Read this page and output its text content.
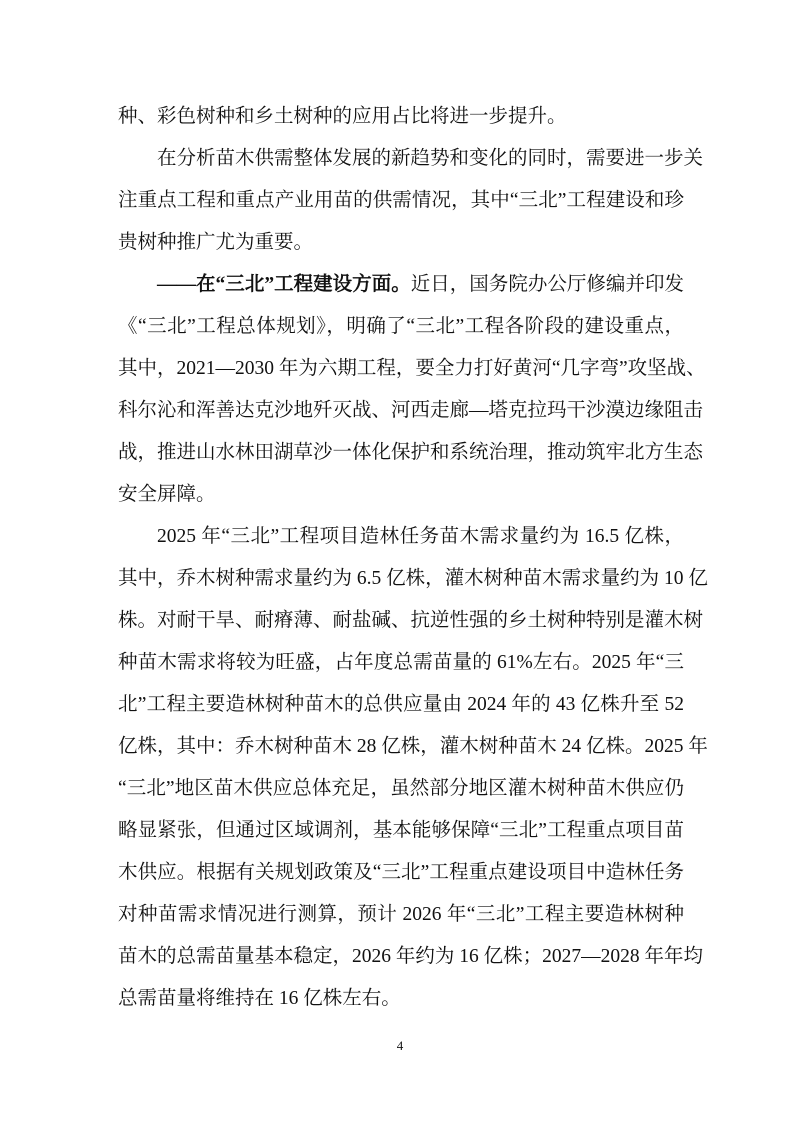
种、彩色树种和乡土树种的应用占比将进一步提升。
在分析苗木供需整体发展的新趋势和变化的同时，需要进一步关
注重点工程和重点产业用苗的供需情况，其中“三北”工程建设和珍
贵树种推广尤为重要。
——在“三北”工程建设方面。近日，国务院办公厅修编并印发
《“三北”工程总体规划》，明确了“三北”工程各阶段的建设重点，
其中，2021—2030 年为六期工程，要全力打好黄河“几字弯”攻坚战、
科尔沁和浑善达克沙地歼灭战、河西走廊—塔克拉玛干沙漠边缘阻击
战，推进山水林田湖草沙一体化保护和系统治理，推动筑牢北方生态
安全屏障。
2025 年“三北”工程项目造林任务苗木需求量约为 16.5 亿株，
其中，乔木树种需求量约为 6.5 亿株，灌木树种苗木需求量约为 10 亿
株。对耐干旱、耐瘠薄、耐盐碱、抗逆性强的乡土树种特别是灌木树
种苗木需求将较为旺盛，占年度总需苗量的 61%左右。2025 年“三
北”工程主要造林树种苗木的总供应量由 2024 年的 43 亿株升至 52
亿株，其中：乔木树种苗木 28 亿株，灌木树种苗木 24 亿株。2025 年
“三北”地区苗木供应总体充足，虽然部分地区灌木树种苗木供应仍
略显紧张，但通过区域调剂，基本能够保障“三北”工程重点项目苗
木供应。根据有关规划政策及“三北”工程重点建设项目中造林任务
对种苗需求情况进行测算，预计 2026 年“三北”工程主要造林树种
苗木的总需苗量基本稳定，2026 年约为 16 亿株；2027—2028 年年均
总需苗量将维持在 16 亿株左右。
4
